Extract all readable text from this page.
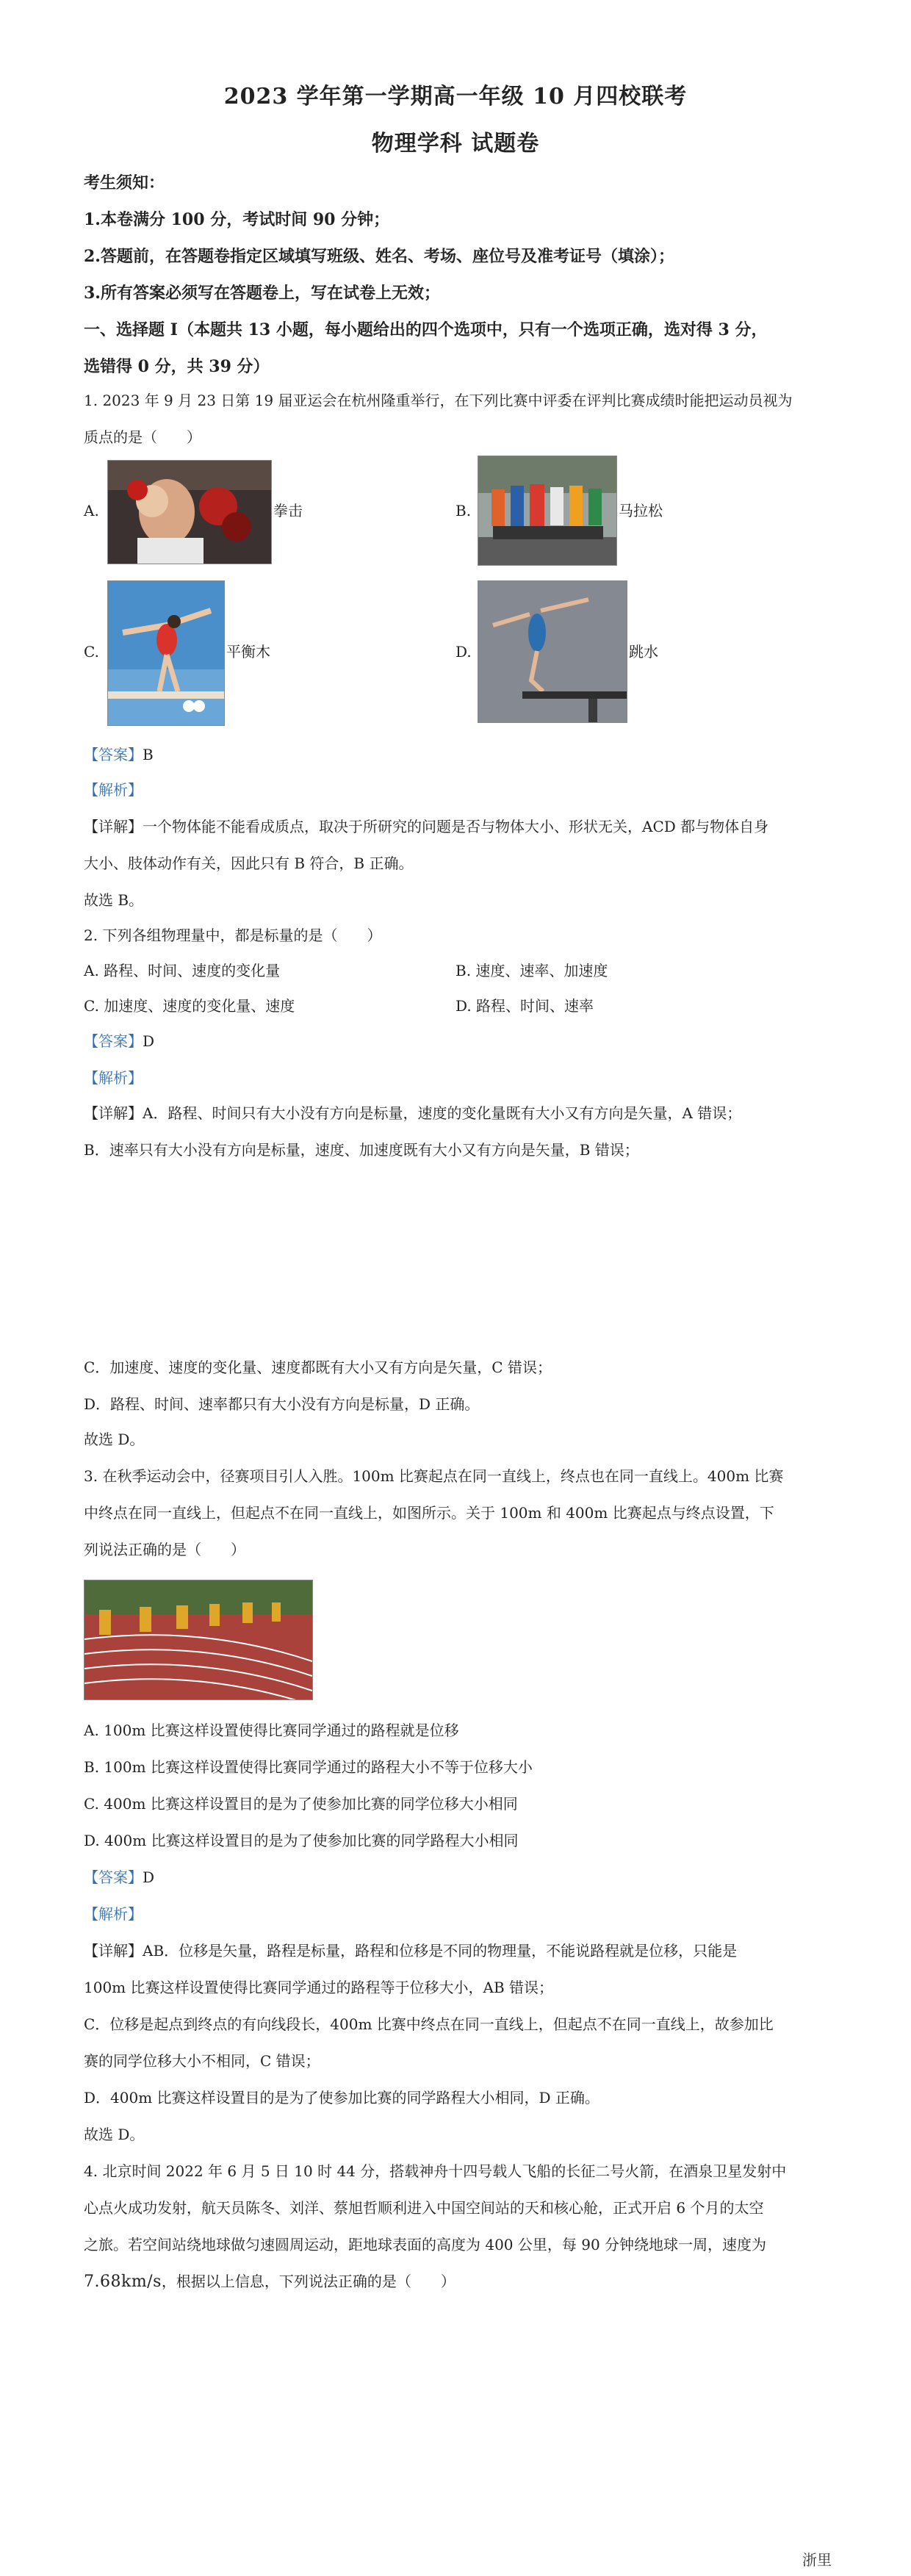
2023 学年第一学期高一年级 10 月四校联考
物理学科 试题卷
考生须知：
1.本卷满分 100 分，考试时间 90 分钟；
2.答题前，在答题卷指定区域填写班级、姓名、考场、座位号及准考证号（填涂）；
3.所有答案必须写在答题卷上，写在试卷上无效；
一、选择题 I（本题共 13 小题，每小题给出的四个选项中，只有一个选项正确，选对得 3 分，
选错得 0 分，共 39 分）
1. 2023 年 9 月 23 日第 19 届亚运会在杭州隆重举行，在下列比赛中评委在评判比赛成绩时能把运动员视为
质点的是（　　）
A.	拳击	B.	马拉松
C.	平衡木	D.	跳水
【答案】B
【解析】
【详解】一个物体能不能看成质点，取决于所研究的问题是否与物体大小、形状无关，ACD 都与物体自身
大小、肢体动作有关，因此只有 B 符合，B 正确。
故选 B。
2. 下列各组物理量中，都是标量的是（　　）
A. 路程、时间、速度的变化量	B. 速度、速率、加速度
C. 加速度、速度的变化量、速度	D. 路程、时间、速率
【答案】D
【解析】
【详解】A．路程、时间只有大小没有方向是标量，速度的变化量既有大小又有方向是矢量，A 错误；
B．速率只有大小没有方向是标量，速度、加速度既有大小又有方向是矢量，B 错误；
C．加速度、速度的变化量、速度都既有大小又有方向是矢量，C 错误；
D．路程、时间、速率都只有大小没有方向是标量，D 正确。
故选 D。
3. 在秋季运动会中，径赛项目引人入胜。100m 比赛起点在同一直线上，终点也在同一直线上。400m 比赛
中终点在同一直线上，但起点不在同一直线上，如图所示。关于 100m 和 400m 比赛起点与终点设置，下
列说法正确的是（　　）
A. 100m 比赛这样设置使得比赛同学通过的路程就是位移
B. 100m 比赛这样设置使得比赛同学通过的路程大小不等于位移大小
C. 400m 比赛这样设置目的是为了使参加比赛的同学位移大小相同
D. 400m 比赛这样设置目的是为了使参加比赛的同学路程大小相同
【答案】D
【解析】
【详解】AB．位移是矢量，路程是标量，路程和位移是不同的物理量，不能说路程就是位移，只能是
100m 比赛这样设置使得比赛同学通过的路程等于位移大小，AB 错误；
C．位移是起点到终点的有向线段长，400m 比赛中终点在同一直线上，但起点不在同一直线上，故参加比
赛的同学位移大小不相同，C 错误；
D．400m 比赛这样设置目的是为了使参加比赛的同学路程大小相同，D 正确。
故选 D。
4. 北京时间 2022 年 6 月 5 日 10 时 44 分，搭载神舟十四号载人飞船的长征二号火箭，在酒泉卫星发射中
心点火成功发射，航天员陈冬、刘洋、蔡旭哲顺利进入中国空间站的天和核心舱，正式开启 6 个月的太空
之旅。若空间站绕地球做匀速圆周运动，距地球表面的高度为 400 公里，每 90 分钟绕地球一周，速度为
7.68km/s，根据以上信息，下列说法正确的是（　　）
浙里
